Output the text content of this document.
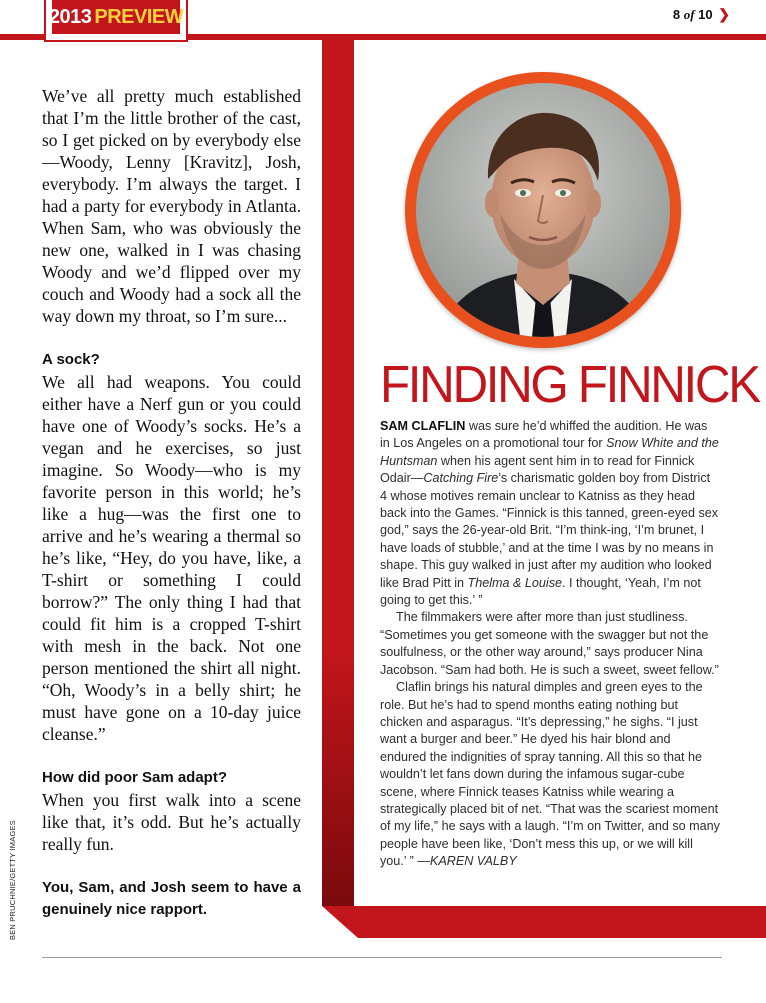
2013 PREVIEW	8 of 10 ❯

We’ve all pretty much established that I’m the little brother of the cast, so I get picked on by everybody else—Woody, Lenny [Kravitz], Josh, everybody. I’m always the target. I had a party for everybody in Atlanta. When Sam, who was obviously the new one, walked in I was chasing Woody and we’d flipped over my couch and Woody had a sock all the way down my throat, so I’m sure...

A sock?

We all had weapons. You could either have a Nerf gun or you could have one of Woody’s socks. He’s a vegan and he exercises, so just imagine. So Woody—who is my favorite person in this world; he’s like a hug—was the first one to arrive and he’s wearing a thermal so he’s like, “Hey, do you have, like, a T-shirt or something I could borrow?” The only thing I had that could fit him is a cropped T-shirt with mesh in the back. Not one person mentioned the shirt all night. “Oh, Woody’s in a belly shirt; he must have gone on a 10-day juice cleanse.”

How did poor Sam adapt?

When you first walk into a scene like that, it’s odd. But he’s actually really fun.

You, Sam, and Josh seem to have a genuinely nice rapport.

BEN PRUCHNIE/GETTY IMAGES
FINDING FINNICK

SAM CLAFLIN was sure he’d whiffed the audition. He was in Los Angeles on a promotional tour for Snow White and the Huntsman when his agent sent him in to read for Finnick Odair—Catching Fire’s charismatic golden boy from District 4 whose motives remain unclear to Katniss as they head back into the Games. “Finnick is this tanned, green-eyed sex god,” says the 26-year-old Brit. “I’m think-ing, ‘I’m brunet, I have loads of stubble,’ and at the time I was by no means in shape. This guy walked in just after my audition who looked like Brad Pitt in Thelma & Louise. I thought, ‘Yeah, I’m not going to get this.’ ”

The filmmakers were after more than just studliness. “Sometimes you get someone with the swagger but not the soulfulness, or the other way around,” says producer Nina Jacobson. “Sam had both. He is such a sweet, sweet fellow.”

Claflin brings his natural dimples and green eyes to the role. But he’s had to spend months eating nothing but chicken and asparagus. “It’s depressing,” he sighs. “I just want a burger and beer.” He dyed his hair blond and endured the indignities of spray tanning. All this so that he wouldn’t let fans down during the infamous sugar-cube scene, where Finnick teases Katniss while wearing a strategically placed bit of net. “That was the scariest moment of my life,” he says with a laugh. “I’m on Twitter, and so many people have been like, ‘Don’t mess this up, or we will kill you.’ ” —KAREN VALBY
